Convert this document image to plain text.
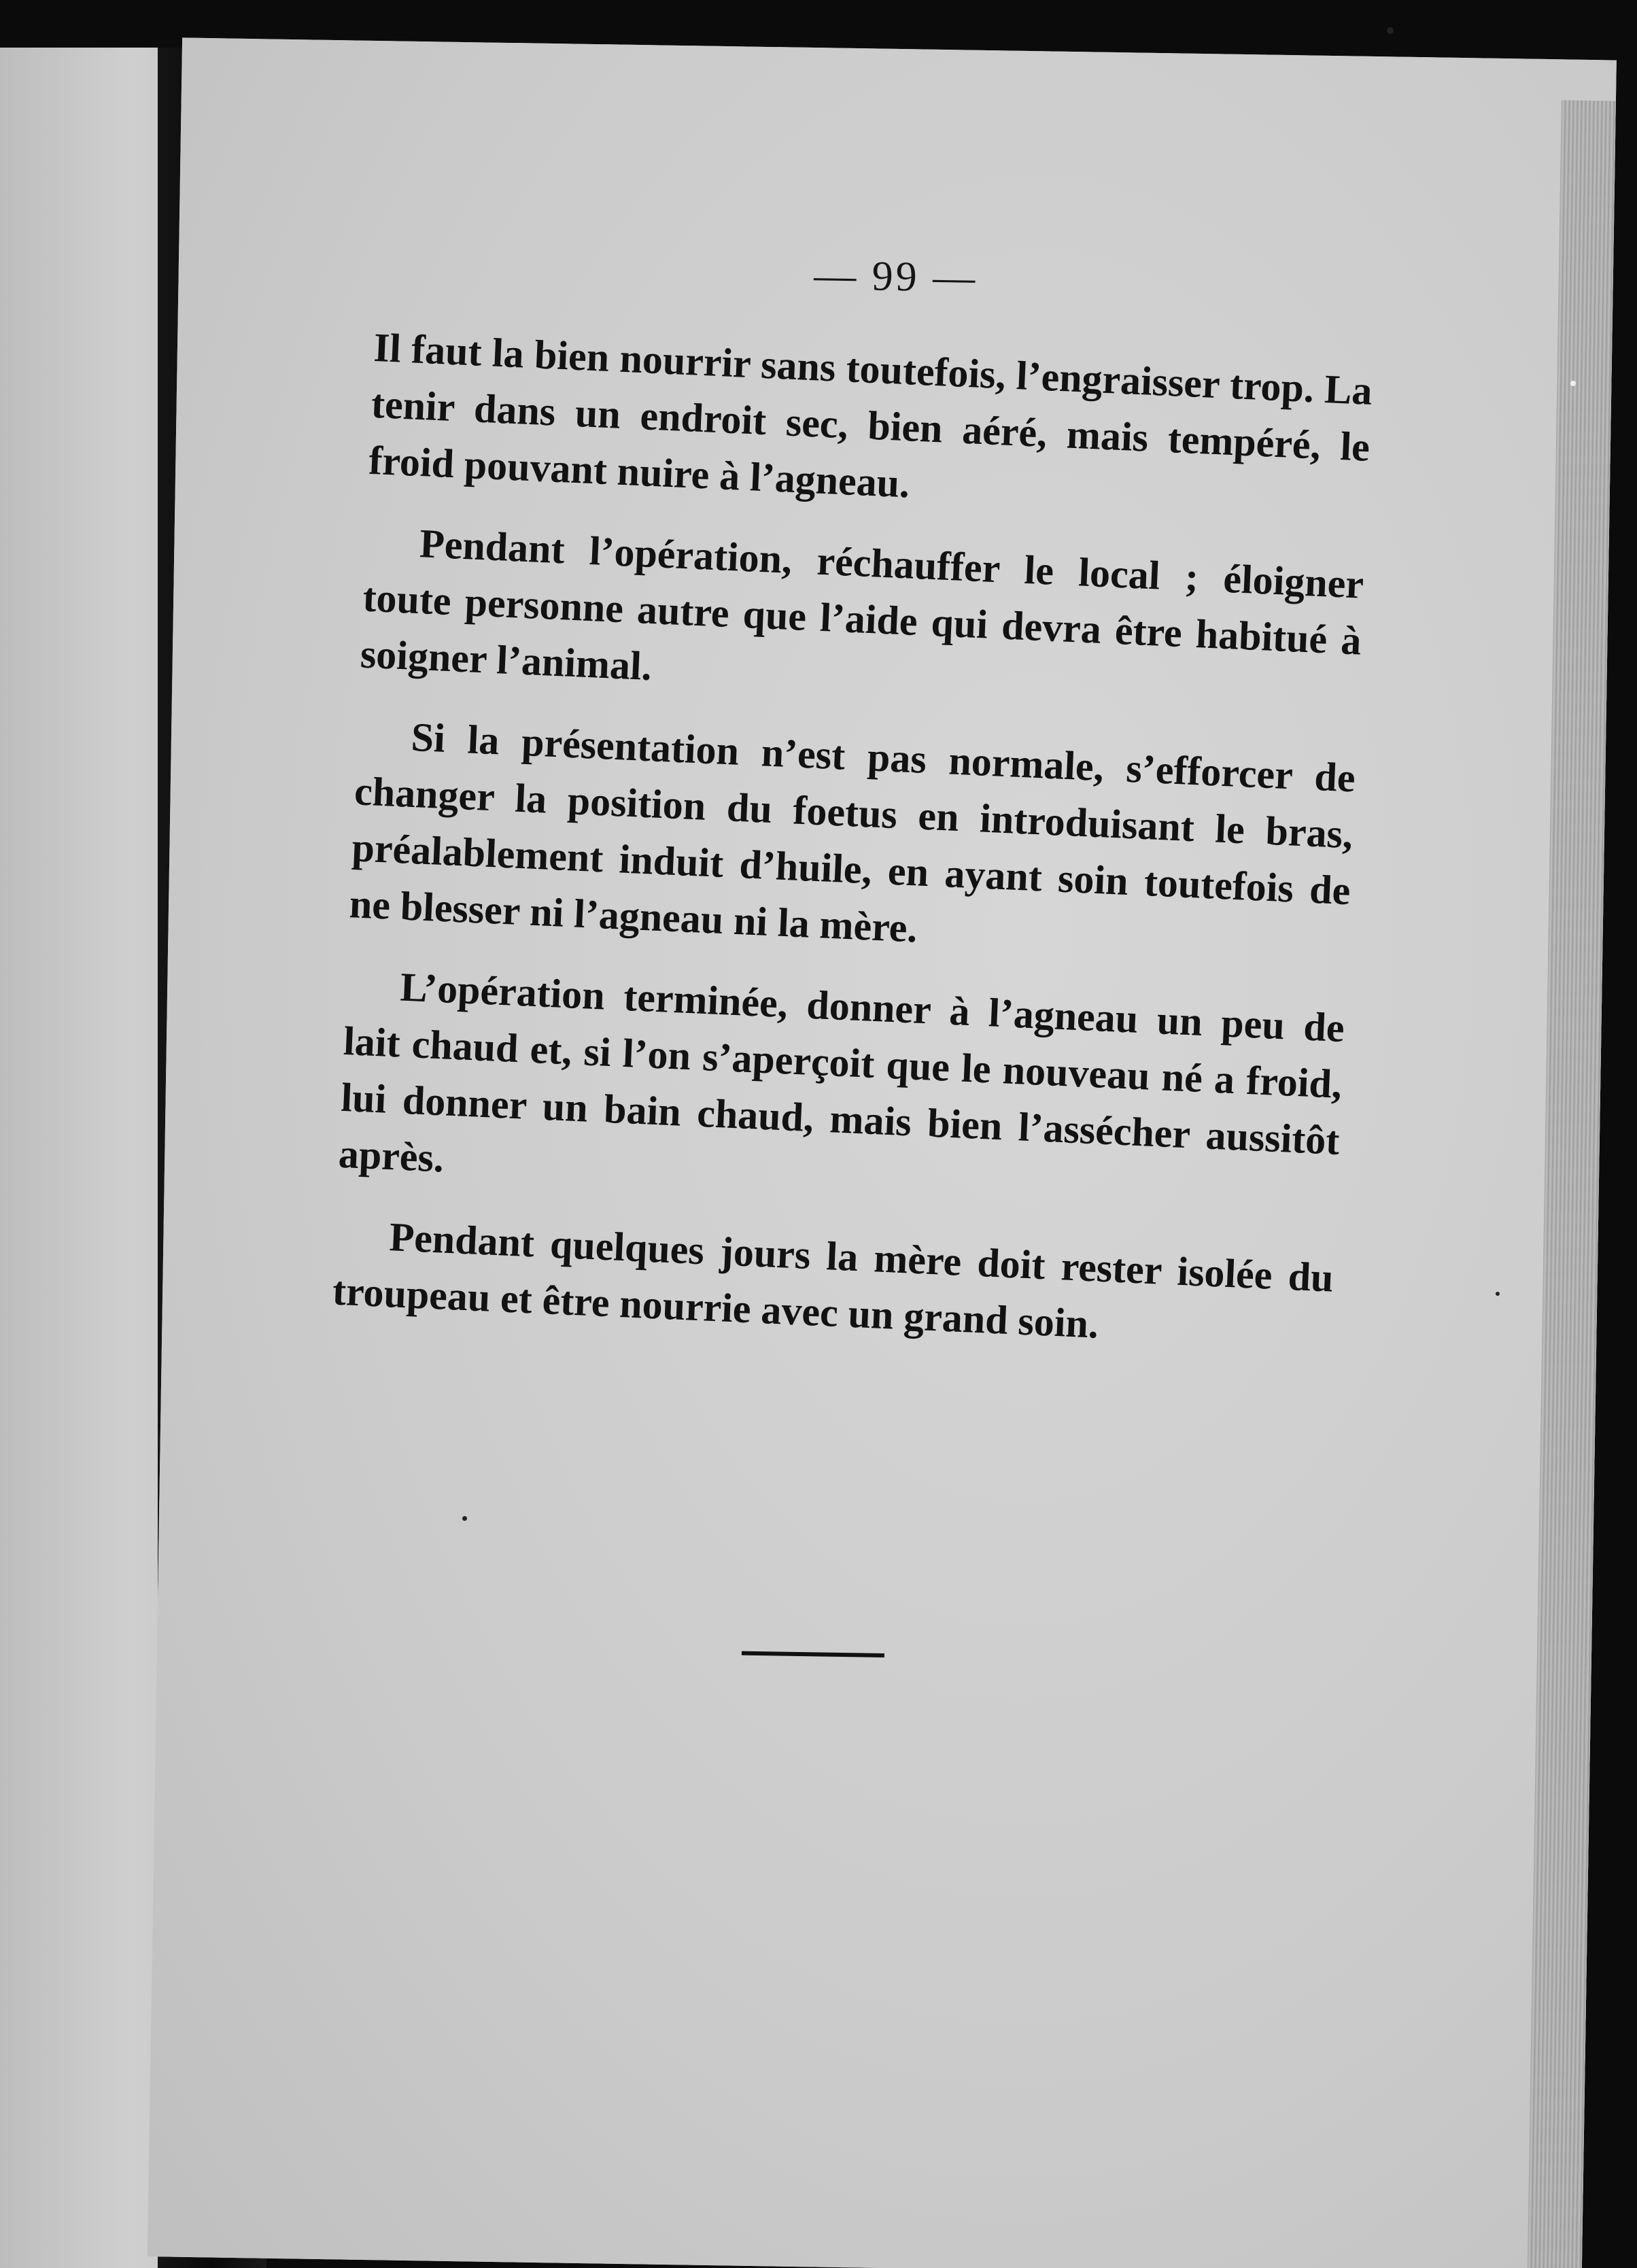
— 99 —

Il faut la bien nourrir sans toutefois, l’engraisser trop. La tenir dans un endroit sec, bien aéré, mais tempéré, le froid pouvant nuire à l’agneau.

Pendant l’opération, réchauffer le local ; éloigner toute personne autre que l’aide qui devra être habitué à soigner l’animal.

Si la présentation n’est pas normale, s’efforcer de changer la position du foetus en introduisant le bras, préalablement induit d’huile, en ayant soin toutefois de ne blesser ni l’agneau ni la mère.

L’opération terminée, donner à l’agneau un peu de lait chaud et, si l’on s’aperçoit que le nouveau né a froid, lui donner un bain chaud, mais bien l’assécher aussitôt après.

Pendant quelques jours la mère doit rester isolée du troupeau et être nourrie avec un grand soin.
